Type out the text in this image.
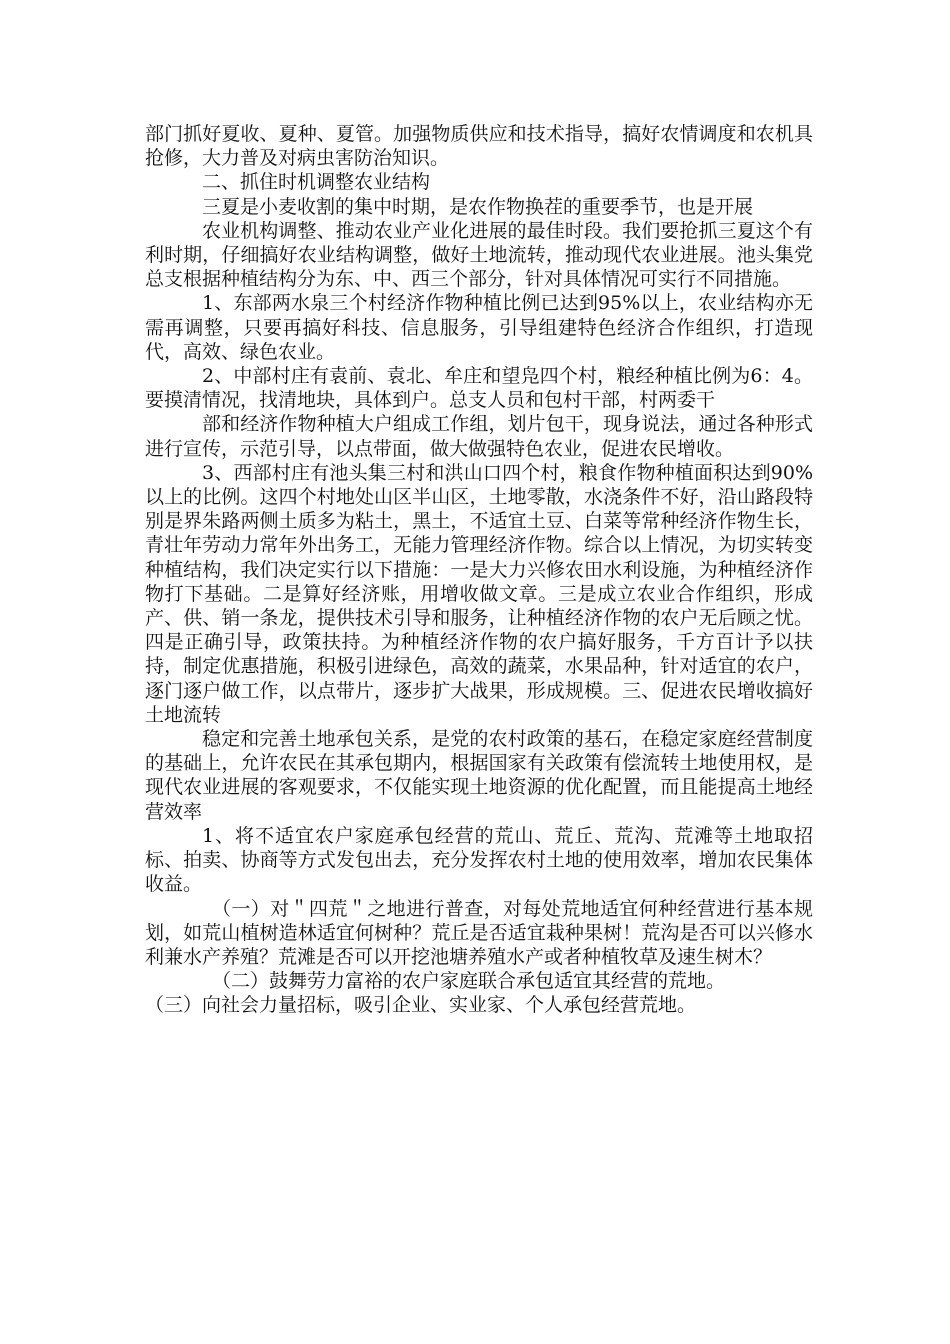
部门抓好夏收、夏种、夏管。加强物质供应和技术指导，搞好农情调度和农机具抢修，大力普及对病虫害防治知识。

二、抓住时机调整农业结构

三夏是小麦收割的集中时期，是农作物换茬的重要季节，也是开展

农业机构调整、推动农业产业化进展的最佳时段。我们要抢抓三夏这个有利时期，仔细搞好农业结构调整，做好土地流转，推动现代农业进展。池头集党总支根据种植结构分为东、中、西三个部分，针对具体情况可实行不同措施。

1、东部两水泉三个村经济作物种植比例已达到95%以上，农业结构亦无需再调整，只要再搞好科技、信息服务，引导组建特色经济合作组织，打造现代，高效、绿色农业。

2、中部村庄有袁前、袁北、牟庄和望凫四个村，粮经种植比例为6：4。要摸清情况，找清地块，具体到户。总支人员和包村干部，村两委干

部和经济作物种植大户组成工作组，划片包干，现身说法，通过各种形式进行宣传，示范引导，以点带面，做大做强特色农业，促进农民增收。

3、西部村庄有池头集三村和洪山口四个村，粮食作物种植面积达到90%以上的比例。这四个村地处山区半山区，土地零散，水浇条件不好，沿山路段特别是界朱路两侧土质多为粘土，黑土，不适宜土豆、白菜等常种经济作物生长，青壮年劳动力常年外出务工，无能力管理经济作物。综合以上情况，为切实转变种植结构，我们决定实行以下措施：一是大力兴修农田水利设施，为种植经济作物打下基础。二是算好经济账，用增收做文章。三是成立农业合作组织，形成产、供、销一条龙，提供技术引导和服务，让种植经济作物的农户无后顾之忧。四是正确引导，政策扶持。为种植经济作物的农户搞好服务，千方百计予以扶持，制定优惠措施，积极引进绿色，高效的蔬菜，水果品种，针对适宜的农户，逐门逐户做工作，以点带片，逐步扩大战果，形成规模。三、促进农民增收搞好土地流转

稳定和完善土地承包关系，是党的农村政策的基石，在稳定家庭经营制度的基础上，允许农民在其承包期内，根据国家有关政策有偿流转土地使用权，是现代农业进展的客观要求，不仅能实现土地资源的优化配置，而且能提高土地经营效率

1、将不适宜农户家庭承包经营的荒山、荒丘、荒沟、荒滩等土地取招标、拍卖、协商等方式发包出去，充分发挥农村土地的使用效率，增加农民集体收益。

（一）对＂四荒＂之地进行普查，对每处荒地适宜何种经营进行基本规划，如荒山植树造林适宜何树种？荒丘是否适宜栽种果树！荒沟是否可以兴修水利兼水产养殖？荒滩是否可以开挖池塘养殖水产或者种植牧草及速生树木？

（二）鼓舞劳力富裕的农户家庭联合承包适宜其经营的荒地。

（三）向社会力量招标，吸引企业、实业家、个人承包经营荒地。
